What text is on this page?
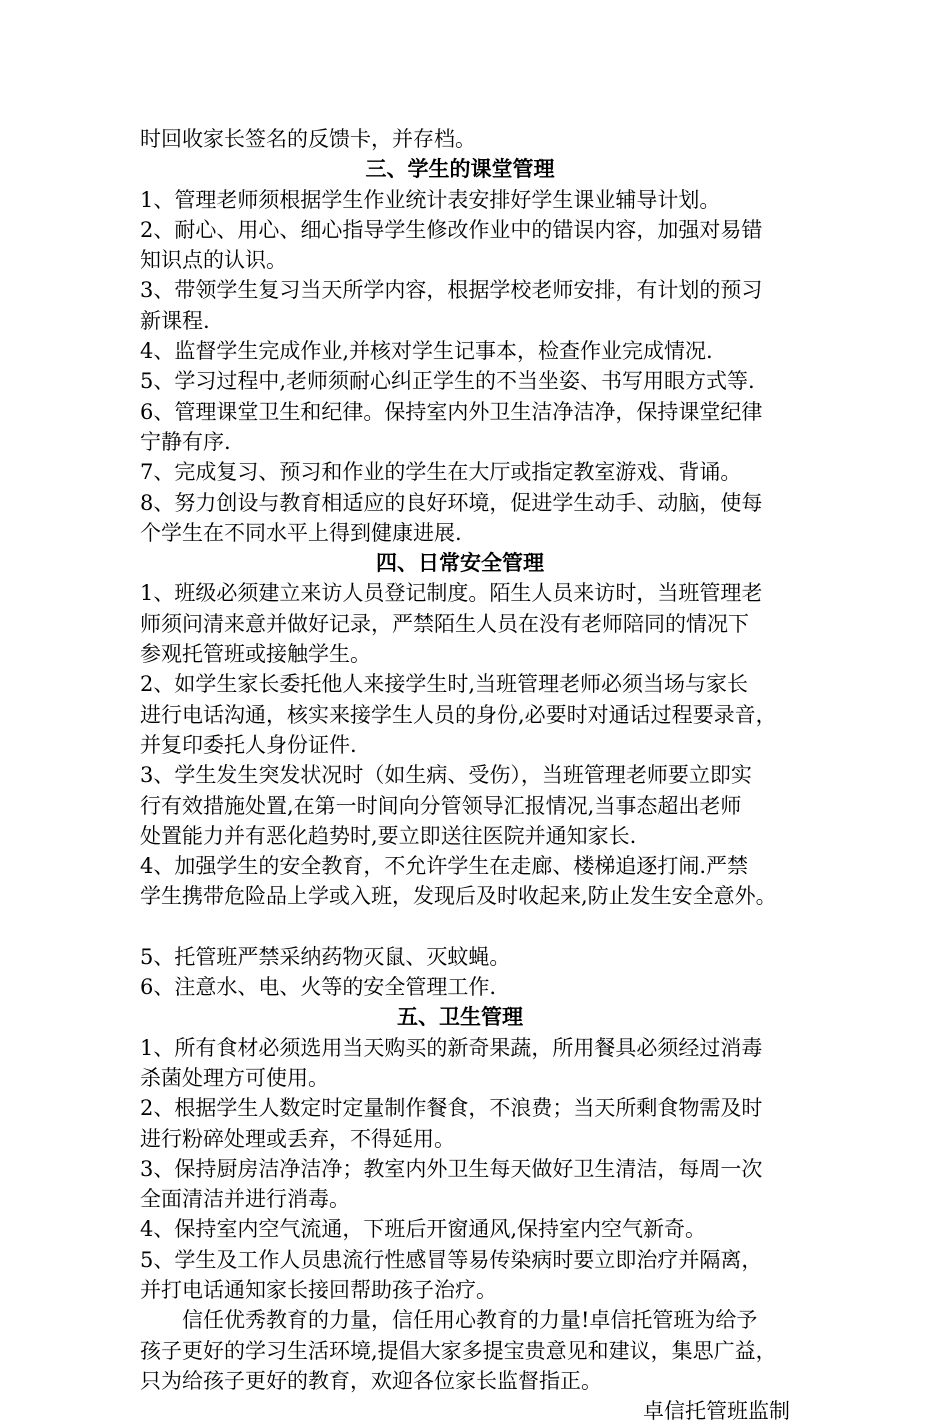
时回收家长签名的反馈卡，并存档。
三、学生的课堂管理
1、管理老师须根据学生作业统计表安排好学生课业辅导计划。
2、耐心、用心、细心指导学生修改作业中的错误内容，加强对易错
知识点的认识。
3、带领学生复习当天所学内容，根据学校老师安排，有计划的预习
新课程.
4、监督学生完成作业,并核对学生记事本，检查作业完成情况.
5、学习过程中,老师须耐心纠正学生的不当坐姿、书写用眼方式等.
6、管理课堂卫生和纪律。保持室内外卫生洁净洁净，保持课堂纪律
宁静有序.
7、完成复习、预习和作业的学生在大厅或指定教室游戏、背诵。
8、努力创设与教育相适应的良好环境，促进学生动手、动脑，使每
个学生在不同水平上得到健康进展.
四、日常安全管理
1、班级必须建立来访人员登记制度。陌生人员来访时，当班管理老
师须问清来意并做好记录，严禁陌生人员在没有老师陪同的情况下
参观托管班或接触学生。
2、如学生家长委托他人来接学生时,当班管理老师必须当场与家长
进行电话沟通，核实来接学生人员的身份,必要时对通话过程要录音，
并复印委托人身份证件.
3、学生发生突发状况时（如生病、受伤），当班管理老师要立即实
行有效措施处置,在第一时间向分管领导汇报情况,当事态超出老师
处置能力并有恶化趋势时,要立即送往医院并通知家长.
4、加强学生的安全教育，不允许学生在走廊、楼梯追逐打闹.严禁
学生携带危险品上学或入班，发现后及时收起来,防止发生安全意外。
5、托管班严禁采纳药物灭鼠、灭蚊蝇。
6、注意水、电、火等的安全管理工作.
五、卫生管理
1、所有食材必须选用当天购买的新奇果蔬，所用餐具必须经过消毒
杀菌处理方可使用。
2、根据学生人数定时定量制作餐食，不浪费；当天所剩食物需及时
进行粉碎处理或丢弃，不得延用。
3、保持厨房洁净洁净；教室内外卫生每天做好卫生清洁，每周一次
全面清洁并进行消毒。
4、保持室内空气流通，下班后开窗通风,保持室内空气新奇。
5、学生及工作人员患流行性感冒等易传染病时要立即治疗并隔离，
并打电话通知家长接回帮助孩子治疗。
信任优秀教育的力量，信任用心教育的力量!卓信托管班为给予
孩子更好的学习生活环境,提倡大家多提宝贵意见和建议，集思广益，
只为给孩子更好的教育，欢迎各位家长监督指正。
卓信托管班监制
